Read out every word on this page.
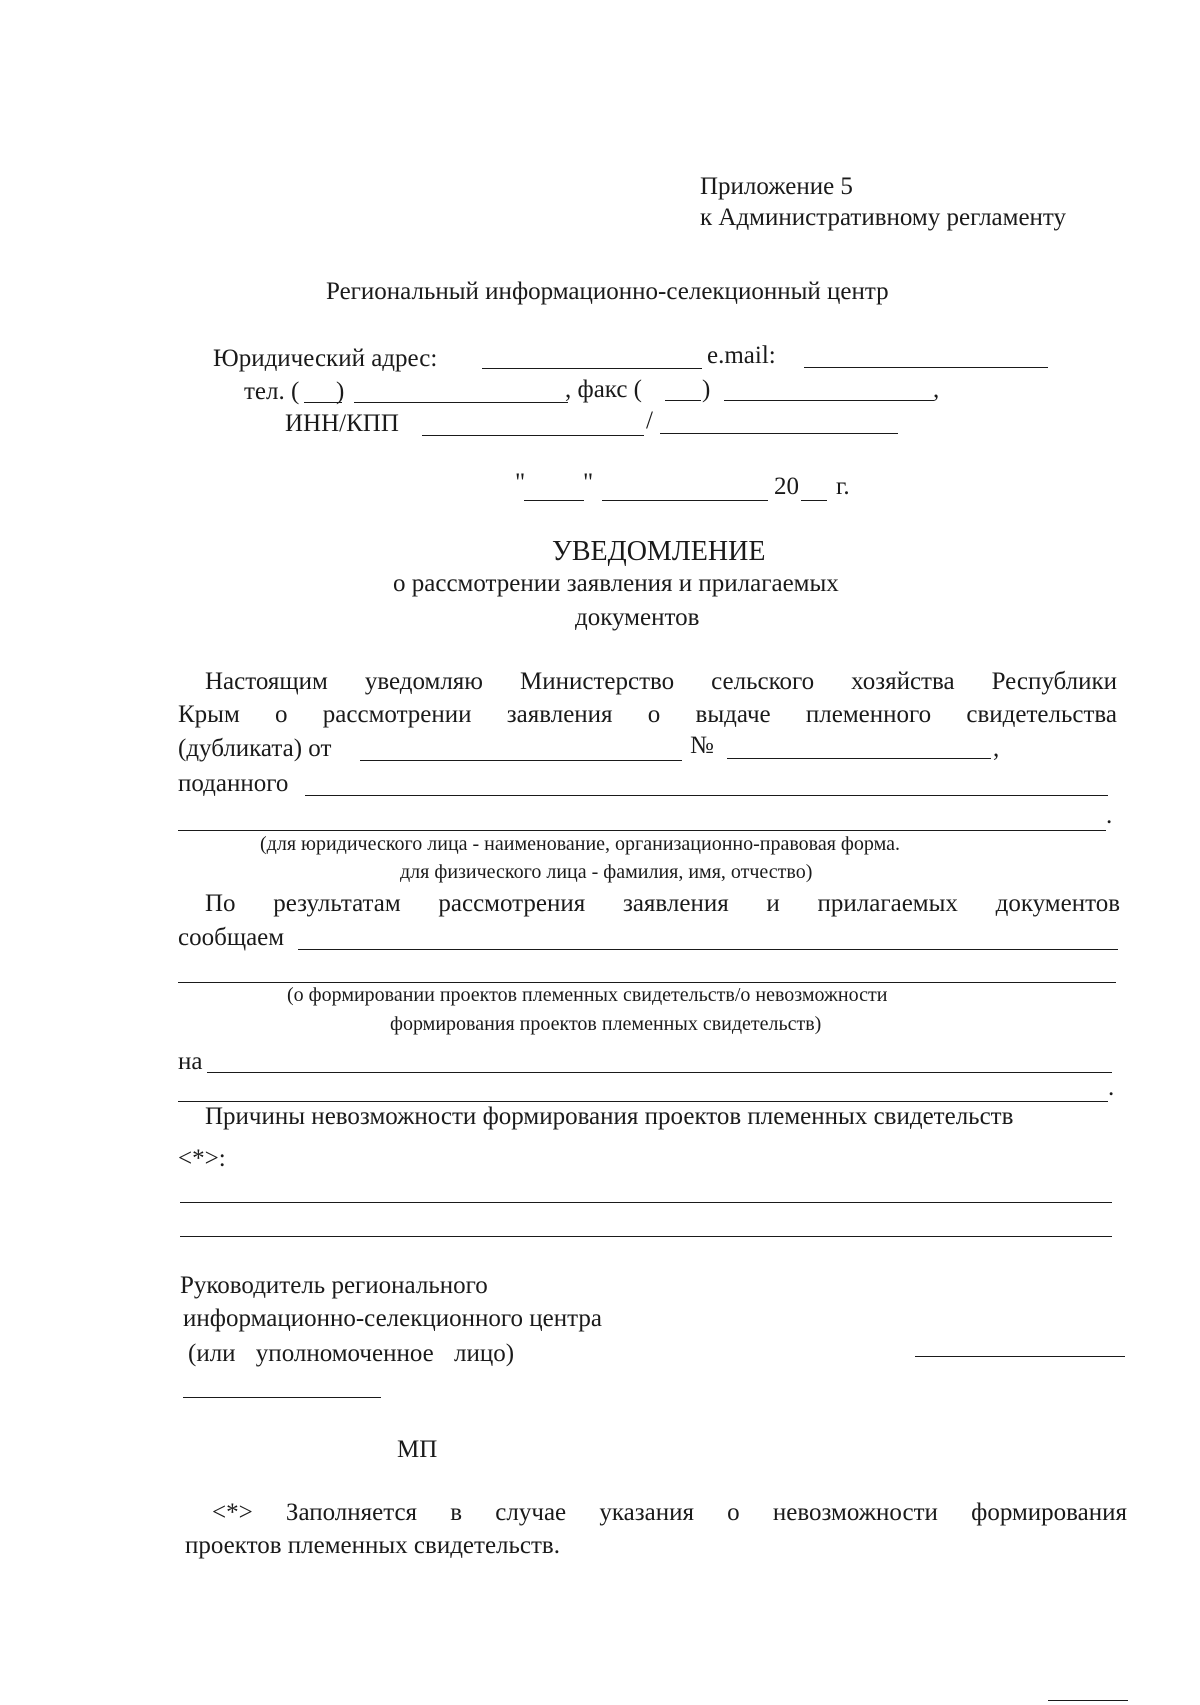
Приложение 5
к Административному регламенту
Региональный информационно-селекционный центр
Юридический адрес:	e.mail:
тел. ( )	, факс ( )	,
ИНН/КПП	/
" "	20 г.
УВЕДОМЛЕНИЕ
о рассмотрении заявления и прилагаемых
документов
Настоящим уведомляю Министерство сельского хозяйства Республики
Крым о рассмотрении заявления о выдаче племенного свидетельства
(дубликата) от	№	,
поданного
.
(для юридического лица - наименование, организационно-правовая форма.
для физического лица - фамилия, имя, отчество)
По результатам рассмотрения заявления и прилагаемых документов
сообщаем
(о формировании проектов племенных свидетельств/о невозможности
формирования проектов племенных свидетельств)
на
.
Причины невозможности формирования проектов племенных свидетельств
<*>:
Руководитель регионального
информационно-селекционного центра
(или уполномоченное лицо)
МП
<*> Заполняется в случае указания о невозможности формирования
проектов племенных свидетельств.
